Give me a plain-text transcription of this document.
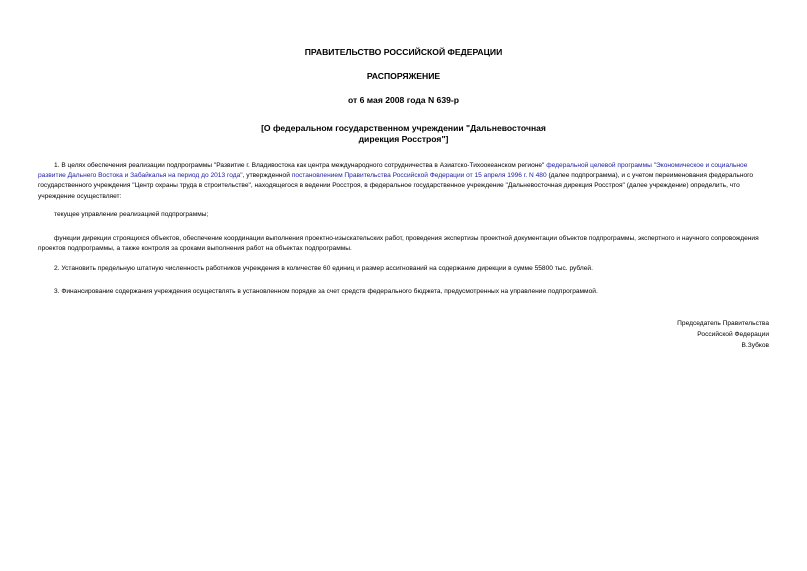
ПРАВИТЕЛЬСТВО РОССИЙСКОЙ ФЕДЕРАЦИИ
РАСПОРЯЖЕНИЕ
от 6 мая 2008 года N 639-р
[О федеральном государственном учреждении "Дальневосточная
дирекция Росстроя"]
1. В целях обеспечения реализации подпрограммы "Развитие г. Владивостока как центра международного сотрудничества в Азиатско-Тихоокеанском регионе" федеральной целевой программы "Экономическое и социальное развитие Дальнего Востока и Забайкалья на период до 2013 года", утвержденной постановлением Правительства Российской Федерации от 15 апреля 1996 г. N 480 (далее подпрограмма), и с учетом переименования федерального государственного учреждения "Центр охраны труда в строительстве", находящегося в ведении Росстроя, в федеральное государственное учреждение "Дальневосточная дирекция Росстроя" (далее учреждение) определить, что учреждение осуществляет:
текущее управление реализацией подпрограммы;
функции дирекции строящихся объектов, обеспечение координации выполнения проектно-изыскательских работ, проведения экспертизы проектной документации объектов подпрограммы, экспертного и научного сопровождения проектов подпрограммы, а также контроля за сроками выполнения работ на объектах подпрограммы.
2. Установить предельную штатную численность работников учреждения в количестве 60 единиц и размер ассигнований на содержание дирекции в сумме 55800 тыс. рублей.
3. Финансирование содержания учреждения осуществлять в установленном порядке за счет средств федерального бюджета, предусмотренных на управление подпрограммой.
Председатель Правительства
Российской Федерации
В.Зубков
